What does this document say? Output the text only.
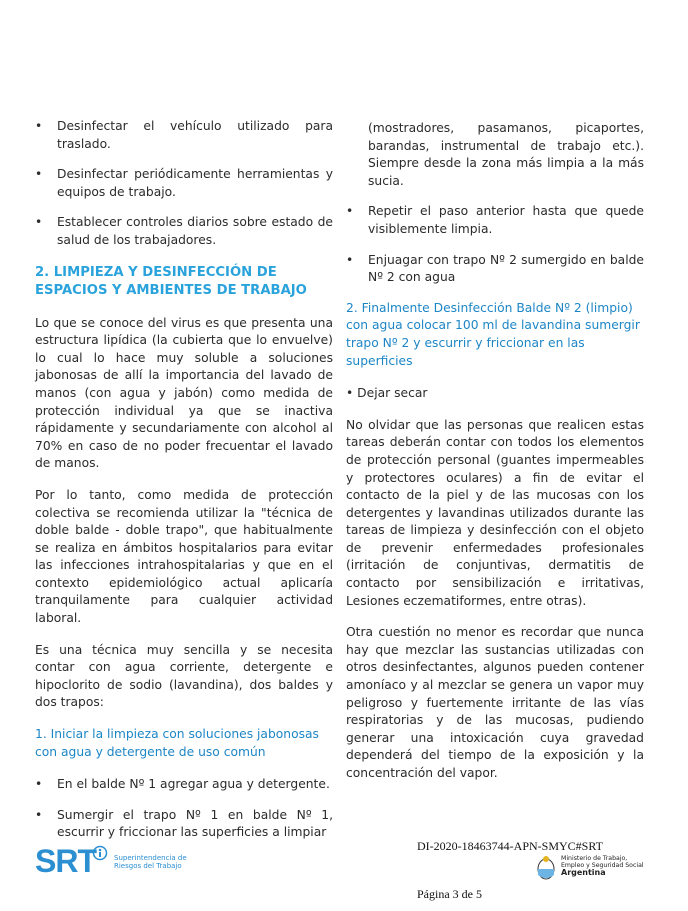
•	Desinfectar el vehículo utilizado para traslado.
•	Desinfectar periódicamente herramientas y equipos de trabajo.
•	Establecer controles diarios sobre estado de salud de los trabajadores.
2. LIMPIEZA Y DESINFECCIÓN DE ESPACIOS Y AMBIENTES DE TRABAJO

Lo que se conoce del virus es que presenta una estructura lipídica (la cubierta que lo envuelve) lo cual lo hace muy soluble a soluciones jabonosas de allí la importancia del lavado de manos (con agua y jabón) como medida de protección individual ya que se inactiva rápidamente y secundariamente con alcohol al 70% en caso de no poder frecuentar el lavado de manos.

Por lo tanto, como medida de protección colectiva se recomienda utilizar la "técnica de doble balde - doble trapo", que habitualmente se realiza en ámbitos hospitalarios para evitar las infecciones intrahospitalarias y que en el contexto epidemiológico actual aplicaría tranquilamente para cualquier actividad laboral.

Es una técnica muy sencilla y se necesita contar con agua corriente, detergente e hipoclorito de sodio (lavandina), dos baldes y dos trapos:

1. Iniciar la limpieza con soluciones jabonosas con agua y detergente de uso común
•	En el balde Nº 1 agregar agua y detergente.
•	Sumergir el trapo Nº 1 en balde Nº 1, escurrir y friccionar las superficies a limpiar
(mostradores, pasamanos, picaportes, barandas, instrumental de trabajo etc.). Siempre desde la zona más limpia a la más sucia.
•	Repetir el paso anterior hasta que quede visiblemente limpia.
•	Enjuagar con trapo Nº 2 sumergido en balde Nº 2 con agua
2. Finalmente Desinfección Balde Nº 2 (limpio) con agua colocar 100 ml de lavandina sumergir trapo Nº 2 y escurrir y friccionar en las superficies

• Dejar secar

No olvidar que las personas que realicen estas tareas deberán contar con todos los elementos de protección personal (guantes impermeables y protectores oculares) a fin de evitar el contacto de la piel y de las mucosas con los detergentes y lavandinas utilizados durante las tareas de limpieza y desinfección con el objeto de prevenir enfermedades profesionales (irritación de conjuntivas, dermatitis de contacto por sensibilización e irritativas, Lesiones eczematiformes, entre otras).

Otra cuestión no menor es recordar que nunca hay que mezclar las sustancias utilizadas con otros desinfectantes, algunos pueden contener amoníaco y al mezclar se genera un vapor muy peligroso y fuertemente irritante de las vías respiratorias y de las mucosas, pudiendo generar una intoxicación cuya gravedad dependerá del tiempo de la exposición y la concentración del vapor.

SRT	Superintendencia de
Riesgos del Trabajo
DI-2020-18463744-APN-SMYC#SRT
Ministerio de Trabajo,
Empleo y Seguridad Social
Argentina
Página 3 de 5
